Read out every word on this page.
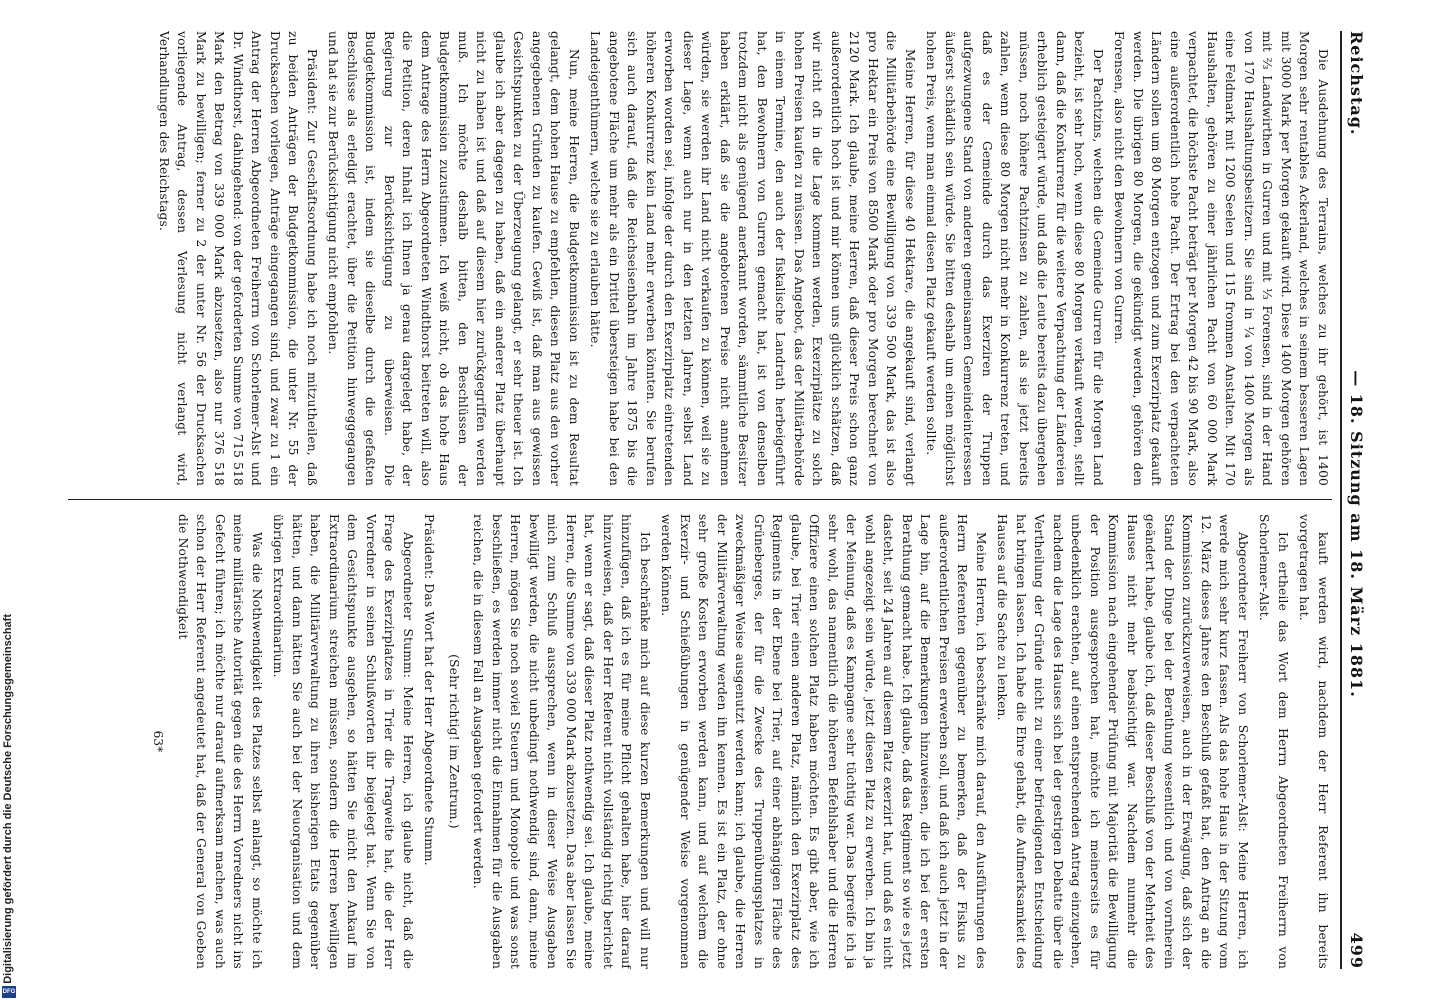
Reichstag.
— 18. Sitzung am 18. März 1881.
499

Die Ausdehnung des Terrains, welches zu ihr gehört, ist 1400 Morgen sehr rentables Ackerland, welches in seinem besseren Lagen mit 3000 Mark per Morgen gekauft wird. Diese 1400 Morgen gehören mit ⅔ Landwirthen in Gurren und mit ⅓ Forensen, sind in der Hand von 170 Haushaltungsbesitzern. Sie sind in ¼ von 1400 Morgen als eine Feldmark mit 1200 Seelen und 115 frommen Anstalten. Mit 170 Haushalten, gehören zu einer jährlichen Pacht von 60 000 Mark verpachtet, die höchste Pacht beträgt per Morgen 42 bis 90 Mark, also eine außerordentlich hohe Pacht. Der Ertrag bei den verpachteten Ländern sollen um 80 Morgen entzogen und zum Exerzirplatz gekauft werden. Die übrigen 80 Morgen, die gekündigt werden, gehören den Forensen, also nicht den Bewohnern von Gurren.

Der Pachtzins, welchen die Gemeinde Gurren für die Morgen Land bezieht, ist sehr hoch, wenn diese 80 Morgen verkauft werden, stellt dann, daß die Konkurrenz für die weitere Verpachtung der Ländereien erheblich gesteigert würde, und daß die Leute bereits dazu übergehen müssen, noch höhere Pachtzinsen zu zahlen, als sie jetzt bereits zahlen, wenn diese 80 Morgen nicht mehr in Konkurrenz treten, und daß es der Gemeinde durch das Exerziren der Truppen aufgezwungene Stand von anderen gemeinsamen Gemeindeinteressen äußerst schädlich sein würde. Sie bitten deshalb um einen möglichst hohen Preis, wenn man einmal diesen Platz gekauft werden sollte.

Meine Herren, für diese 40 Hektare, die angekauft sind, verlangt die Militärbehörde eine Bewilligung von 339 500 Mark, das ist also pro Hektar ein Preis von 8500 Mark oder pro Morgen berechnet von 2120 Mark. Ich glaube, meine Herren, daß dieser Preis schon ganz außerordentlich hoch ist und mir können uns glücklich schätzen, daß wir nicht oft in die Lage kommen werden, Exerzirplätze zu solch hohen Preisen kaufen zu müssen. Das Angebot, das der Militärbehörde in einem Termine, den auch der fiskalische Landrath herbeigeführt hat, den Bewohnern von Gurren gemacht hat, ist von denselben trotzdem nicht als genügend anerkannt worden, sämmtliche Besitzer haben erklärt, daß sie die angebotenen Preise nicht annehmen würden, sie werden ihr Land nicht verkaufen zu können, weil sie zu dieser Lage, wenn auch nur in den letzten Jahren, selbst Land erworben worden sei, infolge der durch den Exerzirplatz eintretenden höheren Konkurrenz kein Land mehr erwerben könnten. Sie berufen sich auch darauf, daß die Reichseisenbahn im Jahre 1875 bis die angebotene Fläche um mehr als ein Drittel übersteigen habe bei den Landeigenthümern, welche sie zu erlauben hätte.

Nun, meine Herren, die Budgetkommission ist zu dem Resultat gelangt, dem hohen Hause zu empfehlen, diesen Platz aus den vorher angegebenen Gründen zu kaufen. Gewiß ist, daß man aus gewissen Gesichtspunkten zu der Überzeugung gelangt, er sehr theuer ist. Ich glaube ich aber dagegen zu haben, daß ein anderer Platz überhaupt nicht zu haben ist und daß auf diesem hier zurückgegriffen werden muß. Ich möchte deshalb bitten, den Beschlüssen der Budgetkommission zuzustimmen. Ich weiß nicht, ob das hohe Haus dem Antrage des Herrn Abgeordneten Windthorst beitreten will, also die Petition, deren Inhalt ich Ihnen ja genau dargelegt habe, der Regierung zur Berücksichtigung zu überweisen. Die Budgetkommission ist, indem sie dieselbe durch die gefaßten Beschlüsse als erledigt erachtet, über die Petition hinweggegangen und hat sie zur Berücksichtigung nicht empfohlen.

Präsident: Zur Geschäftsordnung habe ich noch mitzutheilen, daß zu beiden Anträgen der Budgetkommission, die unter Nr. 55 der Drucksachen vorliegen, Anträge eingegangen sind, und zwar zu 1 ein Antrag der Herren Abgeordneten Freiherrn von Schorlemer-Alst und Dr. Windthorst, dahingehend: von der geforderten Summe von 715 518 Mark den Betrag von 339 000 Mark abzusetzen, also nur 376 518 Mark zu bewilligen; ferner zu 2 der unter Nr. 56 der Drucksachen vorliegende Antrag, dessen Verlesung nicht verlangt wird, Verhandlungen des Reichstags.

kauft werden wird, nachdem der Herr Referent ihn bereits vorgetragen hat.

Ich ertheile das Wort dem Herrn Abgeordneten Freiherrn von Schorlemer-Alst.

Abgeordneter Freiherr von Schorlemer-Alst: Meine Herren, ich werde mich sehr kurz fassen. Als das hohe Haus in der Sitzung vom 12. März dieses Jahres den Beschluß gefaßt hat, den Antrag an die Kommission zurückzuverweisen, auch in der Erwägung, daß sich der Stand der Dinge bei der Berathung wesentlich und von vornherein geändert habe, glaube ich, daß dieser Beschluß von der Mehrheit des Hauses nicht mehr beabsichtigt war. Nachdem nunmehr die Kommission nach eingehender Prüfung mit Majorität die Bewilligung der Position ausgesprochen hat, möchte ich meinerseits es für unbedenklich erachten, auf einen entsprechenden Antrag einzugehen, nachdem die Lage des Hauses sich bei der gestrigen Debatte über die Vertheilung der Gründe nicht zu einer befriedigenden Entscheidung hat bringen lassen. Ich habe die Ehre gehabt, die Aufmerksamkeit des Hauses auf die Sache zu lenken.

Meine Herren, ich beschränke mich darauf, den Ausführungen des Herrn Referenten gegenüber zu bemerken, daß der Fiskus zu außerordentlichen Preisen erwerben soll, und daß ich auch jetzt in der Lage bin, auf die Bemerkungen hinzuweisen, die ich bei der ersten Berathung gemacht habe. Ich glaube, daß das Regiment so wie es jetzt dasteht, seit 24 Jahren auf diesem Platz exerzirt hat, und daß es nicht wohl angezeigt sein würde, jetzt diesen Platz zu erwerben. Ich bin ja der Meinung, daß es Kampagne sehr tüchtig war. Das begreife ich ja sehr wohl, das namentlich die höheren Befehlshaber und die Herren Offiziere einen solchen Platz haben möchten. Es gibt aber, wie ich glaube, bei Trier einen anderen Platz, nämlich den Exerzirplatz des Regiments in der Ebene bei Trier, auf einer abhängigen Fläche des Grüneberges, der für die Zwecke des Truppenübungsplatzes in zweckmäßiger Weise ausgenutzt werden kann; ich glaube, die Herren der Militärverwaltung werden ihn kennen. Es ist ein Platz, der ohne sehr große Kosten erworben werden kann, und auf welchem die Exerzir- und Schießübungen in genügender Weise vorgenommen werden können.

Ich beschränke mich auf diese kurzen Bemerkungen und will nur hinzufügen, daß ich es für meine Pflicht gehalten habe, hier darauf hinzuweisen, daß der Herr Referent nicht vollständig richtig berichtet hat, wenn er sagt, daß dieser Platz nothwendig sei. Ich glaube, meine Herren, die Summe von 339 000 Mark abzusetzen. Das aber lassen Sie mich zum Schluß aussprechen, wenn in dieser Weise Ausgaben bewilligt werden, die nicht unbedingt nothwendig sind, dann, meine Herren, mögen Sie noch soviel Steuern und Monopole und was sonst beschließen, es werden immer nicht die Einnahmen für die Ausgaben reichen, die in diesem Fall an Ausgaben gefordert werden.

(Sehr richtig! im Zentrum.)

Präsident: Das Wort hat der Herr Abgeordnete Stumm.

Abgeordneter Stumm: Meine Herren, ich glaube nicht, daß die Frage des Exerzirplatzes in Trier die Tragweite hat, die der Herr Vorredner in seinen Schlußworten ihr beigelegt hat. Wenn Sie von dem Gesichtspunkte ausgehen, so hätten Sie nicht den Ankauf im Extraordinarium streichen müssen, sondern die Herren bewilligen haben, die Militärverwaltung zu ihren bisherigen Etats gegenüber hätten, und dann hätten Sie auch bei der Neuorganisation und dem übrigen Extraordinarium.

Was die Nothwendigkeit des Platzes selbst anlangt, so möchte ich meine militärische Autorität gegen die des Herrn Vorredners nicht ins Gefecht führen; ich möchte nur darauf aufmerksam machen, was auch schon der Herr Referent angedeutet hat, daß der General von Goeben die Nothwendigkeit

63*
Digitalisierung gefördert durch die Deutsche Forschungsgemeinschaft
DFG
